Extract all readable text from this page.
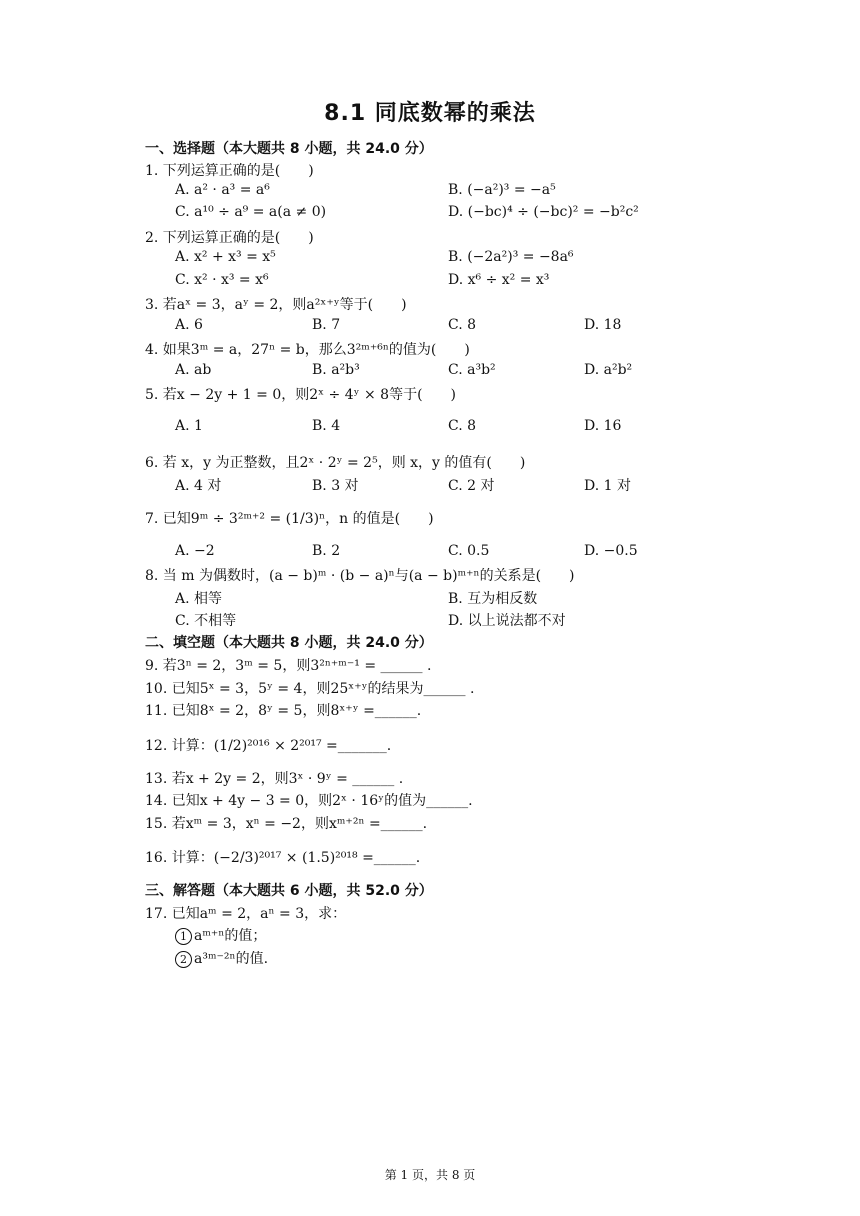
8.1 同底数幂的乘法
一、选择题（本大题共 8 小题，共 24.0 分）
1. 下列运算正确的是(　　)
A. a² · a³ = a⁶	B. (−a²)³ = −a⁵
C. a¹⁰ ÷ a⁹ = a(a ≠ 0)	D. (−bc)⁴ ÷ (−bc)² = −b²c²
2. 下列运算正确的是(　　)
A. x² + x³ = x⁵	B. (−2a²)³ = −8a⁶
C. x² · x³ = x⁶	D. x⁶ ÷ x² = x³
3. 若aˣ = 3，aʸ = 2，则a²ˣ⁺ʸ等于(　　)
A. 6	B. 7	C. 8	D. 18
4. 如果3ᵐ = a，27ⁿ = b，那么3²ᵐ⁺⁶ⁿ的值为(　　)
A. ab	B. a²b³	C. a³b²	D. a²b²
5. 若x − 2y + 1 = 0，则2ˣ ÷ 4ʸ × 8等于(　　)
A. 1	B. 4	C. 8	D. 16
6. 若 x，y 为正整数，且2ˣ · 2ʸ = 2⁵，则 x，y 的值有(　　)
A. 4 对	B. 3 对	C. 2 对	D. 1 对
7. 已知9ᵐ ÷ 3²ᵐ⁺² = (1/3)ⁿ，n 的值是(　　)
A. −2	B. 2	C. 0.5	D. −0.5
8. 当 m 为偶数时，(a − b)ᵐ · (b − a)ⁿ与(a − b)ᵐ⁺ⁿ的关系是(　　)
A. 相等	B. 互为相反数
C. 不相等	D. 以上说法都不对
二、填空题（本大题共 8 小题，共 24.0 分）
9. 若3ⁿ = 2，3ᵐ = 5，则3²ⁿ⁺ᵐ⁻¹ = ______ .
10. 已知5ˣ = 3，5ʸ = 4，则25ˣ⁺ʸ的结果为______ .
11. 已知8ˣ = 2，8ʸ = 5，则8ˣ⁺ʸ =______.
12. 计算：(1/2)²⁰¹⁶ × 2²⁰¹⁷ =_______.
13. 若x + 2y = 2，则3ˣ · 9ʸ = ______ .
14. 已知x + 4y − 3 = 0，则2ˣ · 16ʸ的值为______.
15. 若xᵐ = 3，xⁿ = −2，则xᵐ⁺²ⁿ =______.
16. 计算：(−2/3)²⁰¹⁷ × (1.5)²⁰¹⁸ =______.
三、解答题（本大题共 6 小题，共 52.0 分）
17. 已知aᵐ = 2，aⁿ = 3，求：
1 aᵐ⁺ⁿ的值；
2 a³ᵐ⁻²ⁿ的值.
第 1 页，共 8 页
